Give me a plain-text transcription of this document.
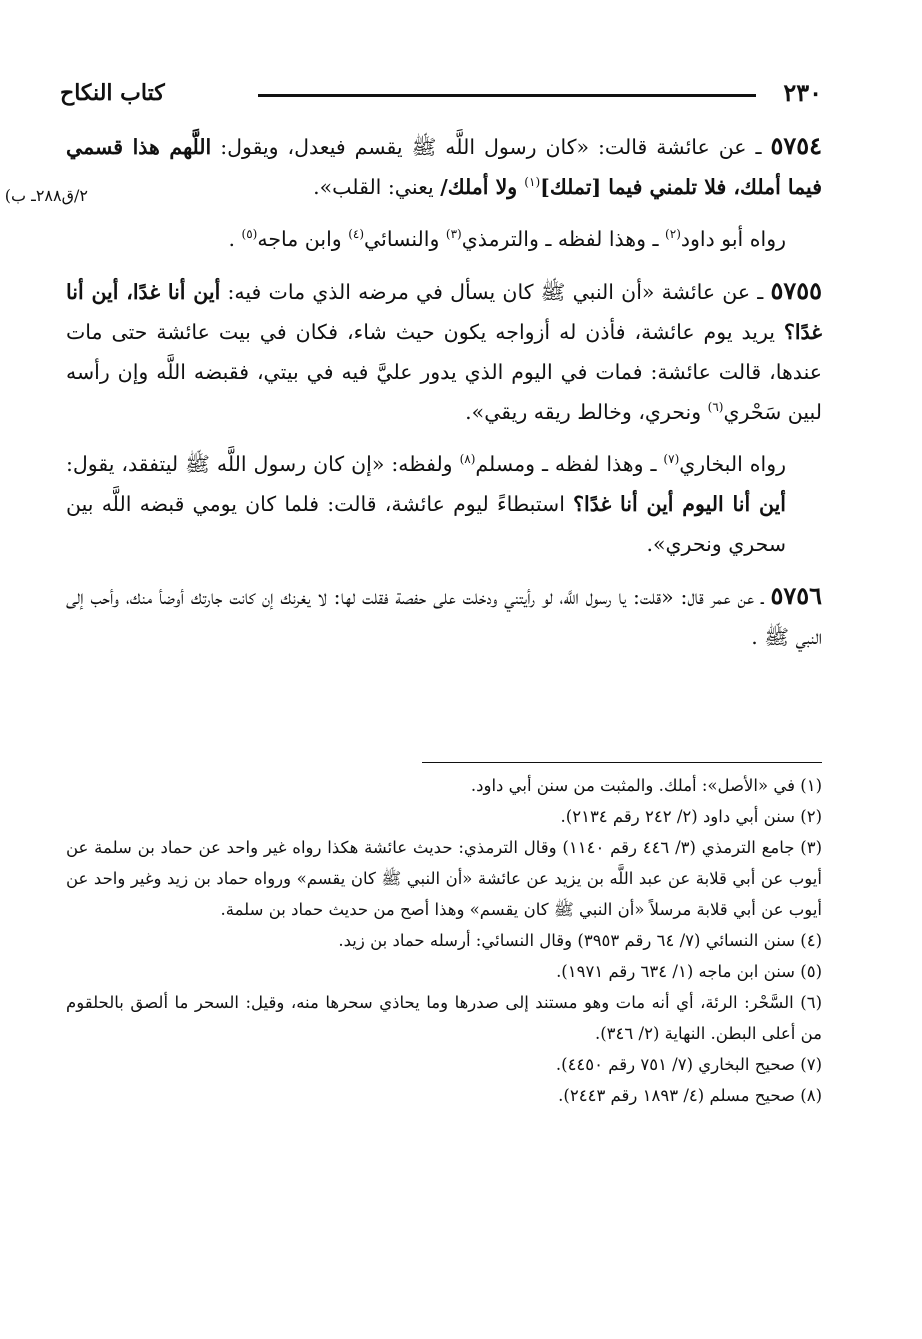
٢٣٠
كتاب النكاح
٢/ق٢٨٨ـ ب)

٥٧٥٤ ـ عن عائشة قالت: «كان رسول اللَّه ﷺ يقسم فيعدل، ويقول: اللَّهم هذا قسمي فيما أملك، فلا تلمني فيما [تملك]$^{(١)}$ ولا أملك/ يعني: القلب».

رواه أبو داود$^{(٢)}$ ـ وهذا لفظه ـ والترمذي$^{(٣)}$ والنسائي$^{(٤)}$ وابن ماجه$^{(٥)}$ .

٥٧٥٥ ـ عن عائشة «أن النبي ﷺ كان يسأل في مرضه الذي مات فيه: أين أنا غدًا، أين أنا غدًا؟ يريد يوم عائشة، فأذن له أزواجه يكون حيث شاء، فكان في بيت عائشة حتى مات عندها، قالت عائشة: فمات في اليوم الذي يدور عليَّ فيه في بيتي، فقبضه اللَّه وإن رأسه لبين سَحْري$^{(٦)}$ ونحري، وخالط ريقه ريقي».

رواه البخاري$^{(٧)}$ ـ وهذا لفظه ـ ومسلم$^{(٨)}$ ولفظه: «إن كان رسول اللَّه ﷺ ليتفقد، يقول: أين أنا اليوم أين أنا غدًا؟ استبطاءً ليوم عائشة، قالت: فلما كان يومي قبضه اللَّه بين سحري ونحري».

٥٧٥٦ ـ عن عمر قال: «قلت: يا رسول اللَّه، لو رأيتني ودخلت على حفصة فقلت لها: لا يغرنك إن كانت جارتك أوضأ منك، وأحب إلى النبي ﷺ .

(١) في «الأصل»: أملك. والمثبت من سنن أبي داود.

(٢) سنن أبي داود (٢/ ٢٤٢ رقم ٢١٣٤).

(٣) جامع الترمذي (٣/ ٤٤٦ رقم ١١٤٠) وقال الترمذي: حديث عائشة هكذا رواه غير واحد عن حماد بن سلمة عن أيوب عن أبي قلابة عن عبد اللَّه بن يزيد عن عائشة «أن النبي ﷺ كان يقسم» ورواه حماد بن زيد وغير واحد عن أيوب عن أبي قلابة مرسلاً «أن النبي ﷺ كان يقسم» وهذا أصح من حديث حماد بن سلمة.

(٤) سنن النسائي (٧/ ٦٤ رقم ٣٩٥٣) وقال النسائي: أرسله حماد بن زيد.

(٥) سنن ابن ماجه (١/ ٦٣٤ رقم ١٩٧١).

(٦) السَّحْر: الرئة، أي أنه مات وهو مستند إلى صدرها وما يحاذي سحرها منه، وقيل: السحر ما ألصق بالحلقوم من أعلى البطن. النهاية (٢/ ٣٤٦).

(٧) صحيح البخاري (٧/ ٧٥١ رقم ٤٤٥٠).

(٨) صحيح مسلم (٤/ ١٨٩٣ رقم ٢٤٤٣).
